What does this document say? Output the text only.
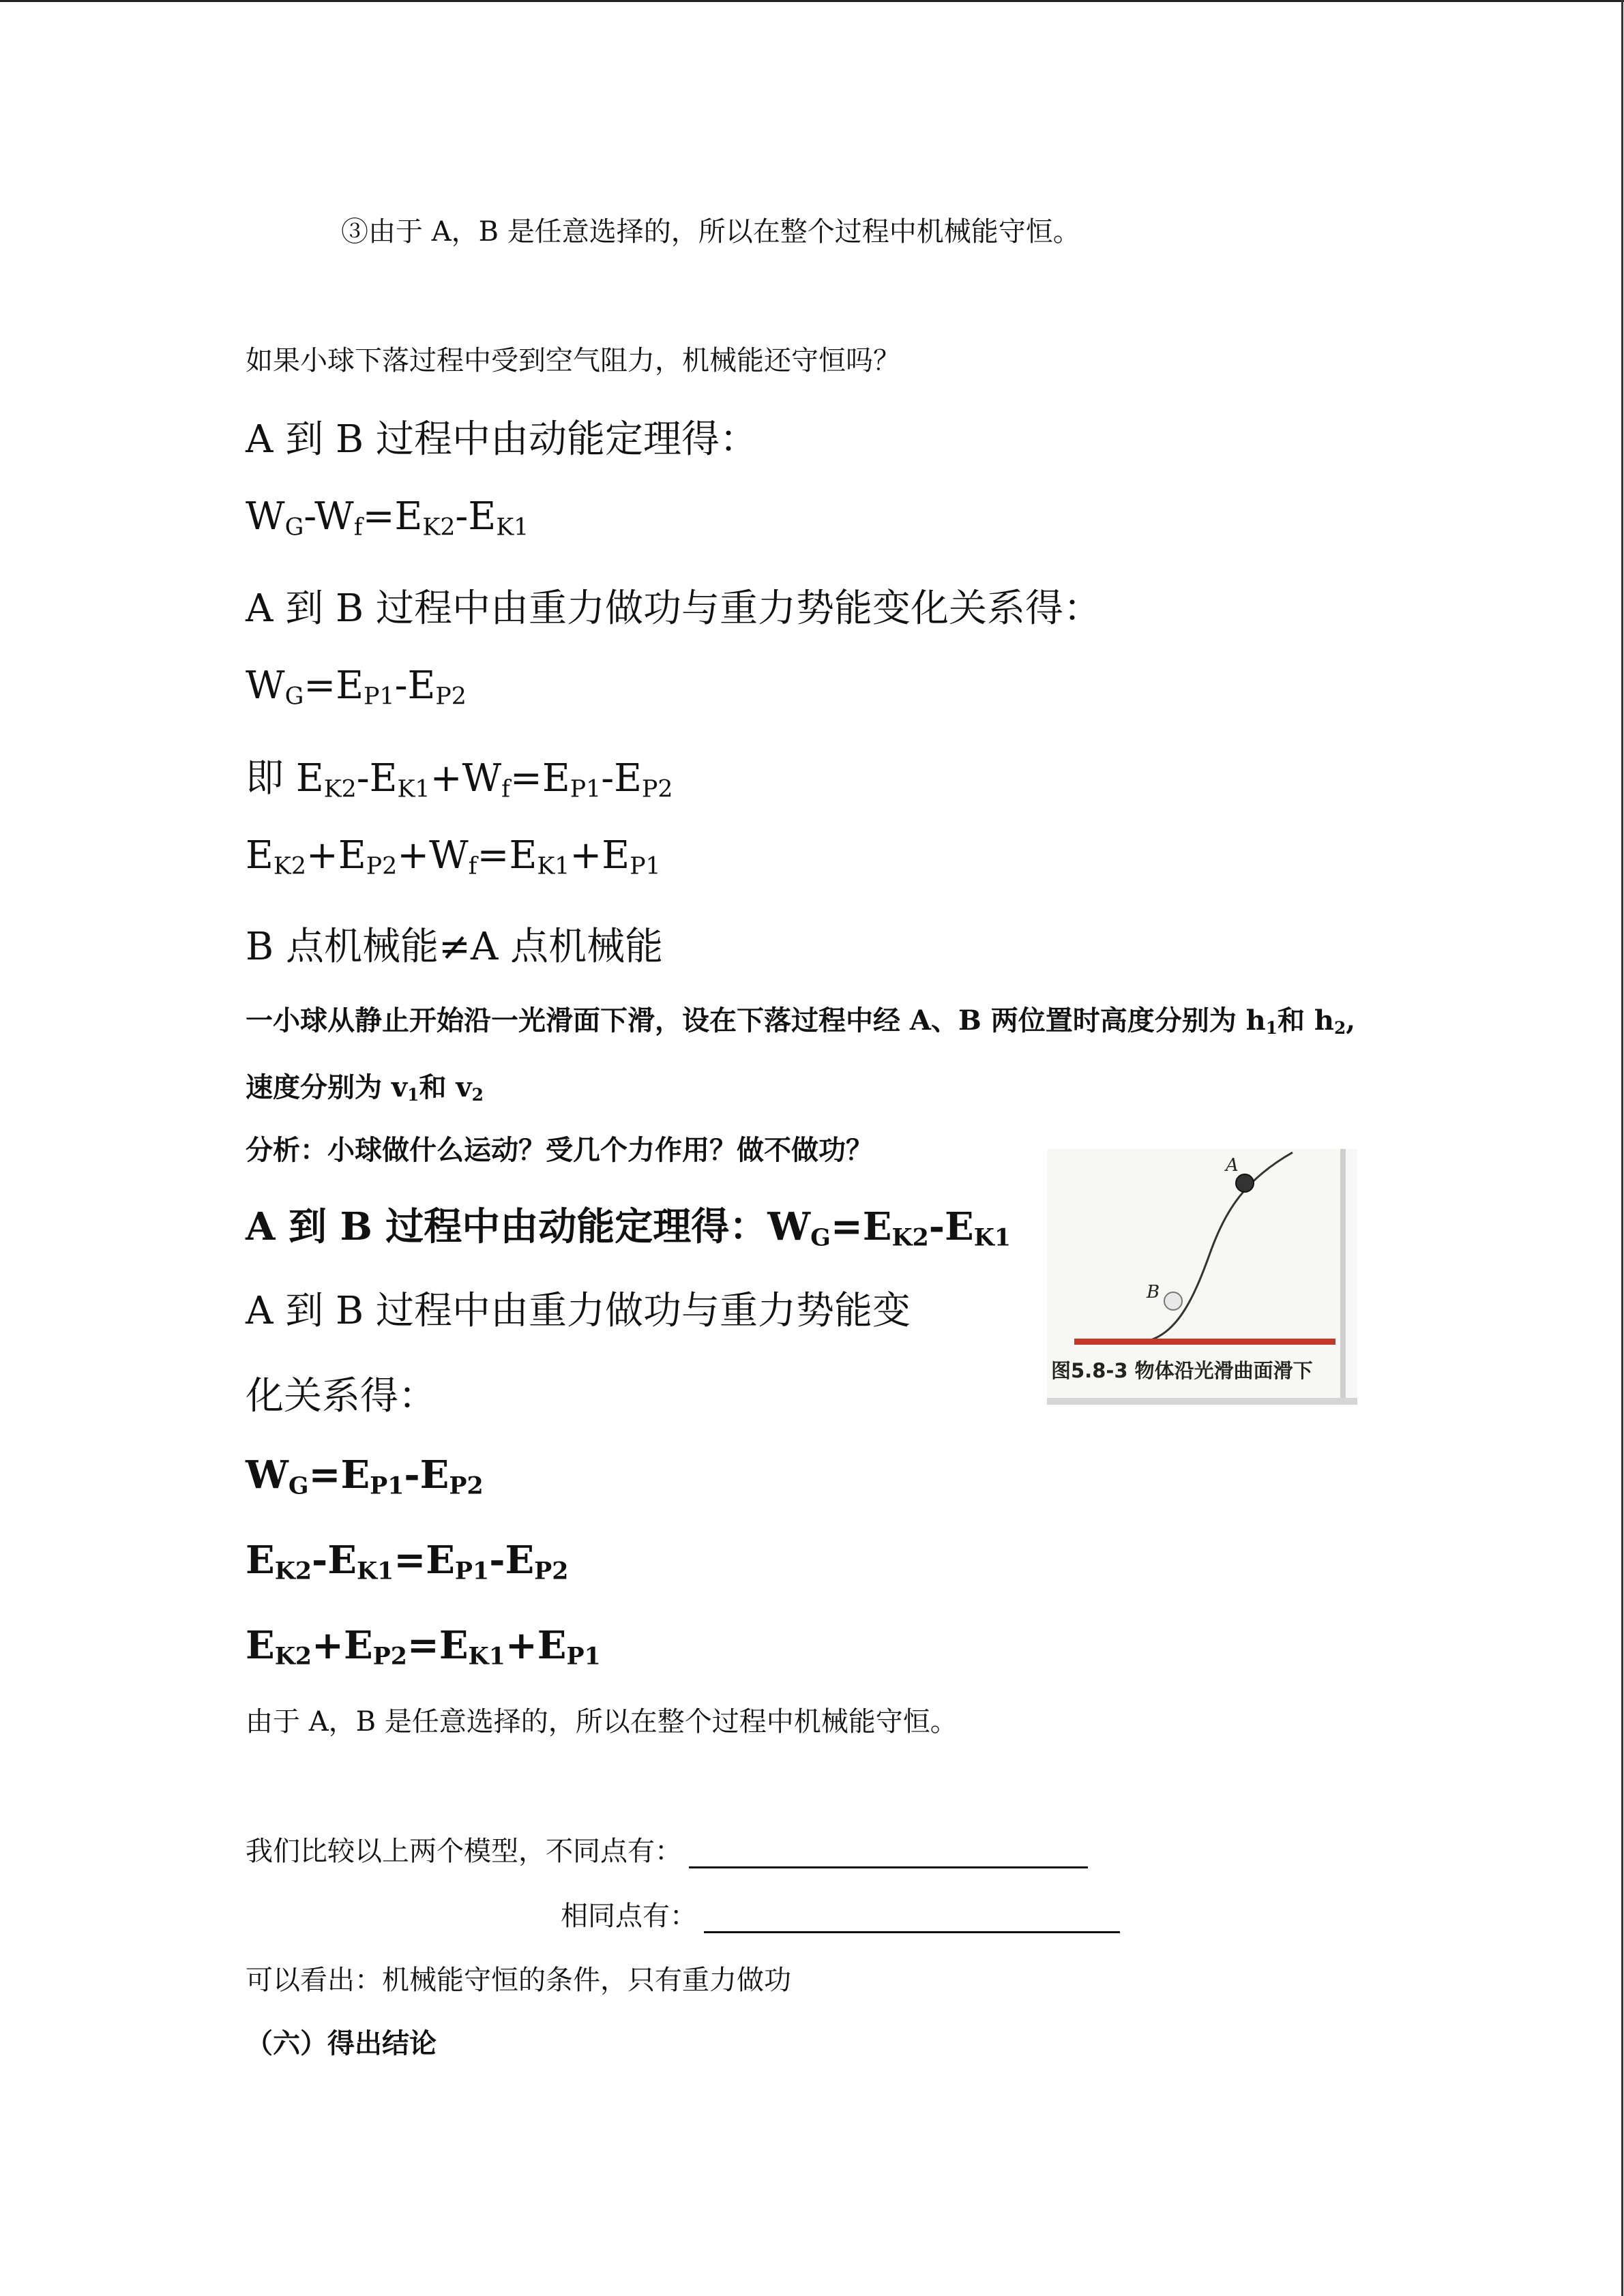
③由于 A，B 是任意选择的，所以在整个过程中机械能守恒。
如果小球下落过程中受到空气阻力，机械能还守恒吗？
A 到 B 过程中由动能定理得：
$W_G-W_f=E_{K2}-E_{K1}$
A 到 B 过程中由重力做功与重力势能变化关系得：
$W_G=E_{P1}-E_{P2}$
即 $E_{K2}-E_{K1}+W_f=E_{P1}-E_{P2}$
$E_{K2}+E_{P2}+W_f=E_{K1}+E_{P1}$
B 点机械能≠A 点机械能
一小球从静止开始沿一光滑面下滑，设在下落过程中经 A、B 两位置时高度分别为 $h_1$和 $h_2$,
速度分别为 $v_1$和 $v_2$
分析：小球做什么运动？受几个力作用？做不做功？
A 到 B 过程中由动能定理得：$W_G=E_{K2}-E_{K1}$
A 到 B 过程中由重力做功与重力势能变
化关系得：
$W_G=E_{P1}-E_{P2}$
$E_{K2}-E_{K1}=E_{P1}-E_{P2}$
$E_{K2}+E_{P2}=E_{K1}+E_{P1}$
由于 A，B 是任意选择的，所以在整个过程中机械能守恒。
我们比较以上两个模型，不同点有：
相同点有：
可以看出：机械能守恒的条件，只有重力做功
（六）得出结论
A
B
图5.8-3 物体沿光滑曲面滑下
